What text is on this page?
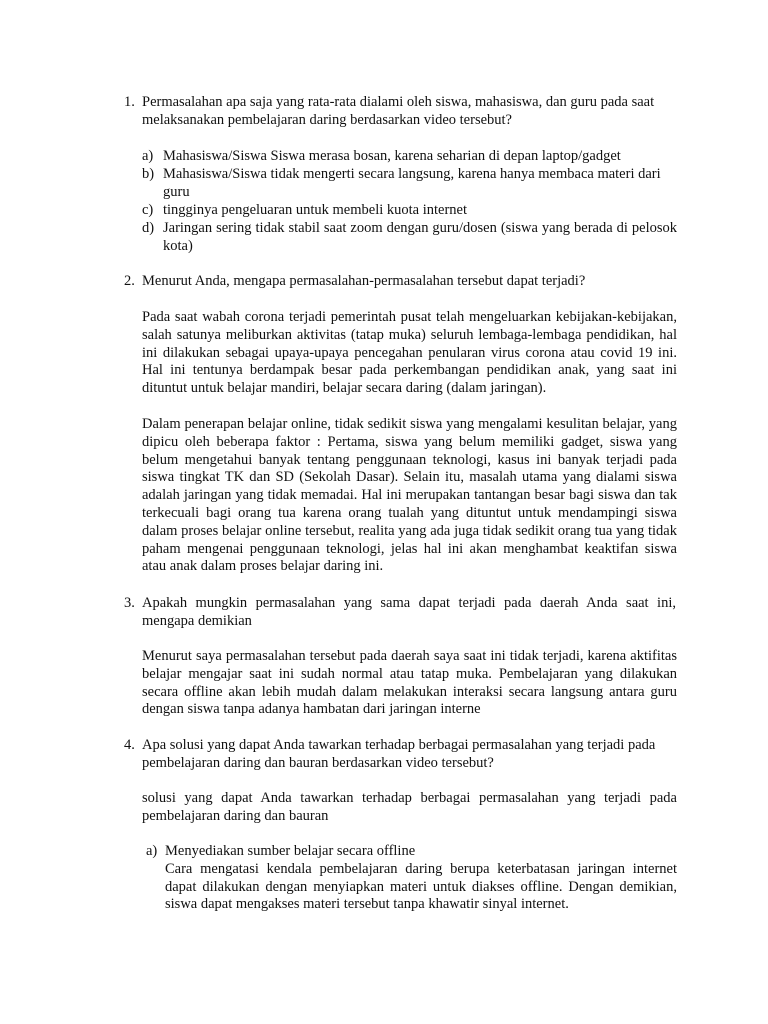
1. Permasalahan apa saja yang rata-rata dialami oleh siswa, mahasiswa, dan guru pada saat melaksanakan pembelajaran daring berdasarkan video tersebut?
a) Mahasiswa/Siswa Siswa merasa bosan, karena seharian di depan laptop/gadget
b) Mahasiswa/Siswa tidak mengerti secara langsung, karena hanya membaca materi dari guru
c) tingginya pengeluaran untuk membeli kuota internet
d) Jaringan sering tidak stabil saat zoom dengan guru/dosen (siswa yang berada di pelosok kota)
2. Menurut Anda, mengapa permasalahan-permasalahan tersebut dapat terjadi?
Pada saat wabah corona terjadi pemerintah pusat telah mengeluarkan kebijakan-kebijakan, salah satunya meliburkan aktivitas (tatap muka) seluruh lembaga-lembaga pendidikan, hal ini dilakukan sebagai upaya-upaya pencegahan penularan virus corona atau covid 19 ini. Hal ini tentunya berdampak besar pada perkembangan pendidikan anak, yang saat ini dituntut untuk belajar mandiri, belajar secara daring (dalam jaringan).
Dalam penerapan belajar online, tidak sedikit siswa yang mengalami kesulitan belajar, yang dipicu oleh beberapa faktor : Pertama, siswa yang belum memiliki gadget, siswa yang belum mengetahui banyak tentang penggunaan teknologi, kasus ini banyak terjadi pada siswa tingkat TK dan SD (Sekolah Dasar). Selain itu, masalah utama yang dialami siswa adalah jaringan yang tidak memadai. Hal ini merupakan tantangan besar bagi siswa dan tak terkecuali bagi orang tua karena orang tualah yang dituntut untuk mendampingi siswa dalam proses belajar online tersebut, realita yang ada juga tidak sedikit orang tua yang tidak paham mengenai penggunaan teknologi, jelas hal ini akan menghambat keaktifan siswa atau anak dalam proses belajar daring ini.
3. Apakah mungkin permasalahan yang sama dapat terjadi pada daerah Anda saat ini, mengapa demikian
Menurut saya permasalahan tersebut pada daerah saya saat ini tidak terjadi, karena aktifitas belajar mengajar saat ini sudah normal atau tatap muka. Pembelajaran yang dilakukan secara offline akan lebih mudah dalam melakukan interaksi secara langsung antara guru dengan siswa tanpa adanya hambatan dari jaringan interne
4. Apa solusi yang dapat Anda tawarkan terhadap berbagai permasalahan yang terjadi pada pembelajaran daring dan bauran berdasarkan video tersebut?
solusi yang dapat Anda tawarkan terhadap berbagai permasalahan yang terjadi pada pembelajaran daring dan bauran
a) Menyediakan sumber belajar secara offline
Cara mengatasi kendala pembelajaran daring berupa keterbatasan jaringan internet dapat dilakukan dengan menyiapkan materi untuk diakses offline. Dengan demikian, siswa dapat mengakses materi tersebut tanpa khawatir sinyal internet.
